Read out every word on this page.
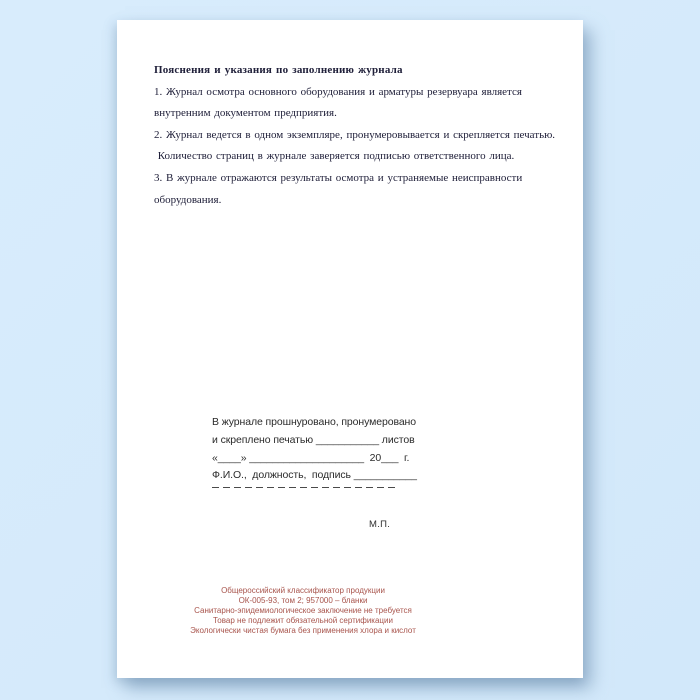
Пояснения и указания по заполнению журнала
1. Журнал осмотра основного оборудования и арматуры резервуара является
внутренним документом предприятия.
2. Журнал ведется в одном экземпляре, пронумеровывается и скрепляется печатью.
Количество страниц в журнале заверяется подписью ответственного лица.
3. В журнале отражаются результаты осмотра и устраняемые неисправности оборудования.
В журнале прошнуровано, пронумеровано
и скреплено печатью ___________ листов
«____» ____________________  20___  г.
Ф.И.О.,  должность,  подпись ___________
М.П.
Общероссийский классификатор продукции
ОК-005-93, том 2; 957000 – бланки
Санитарно-эпидемиологическое заключение не требуется
Товар не подлежит обязательной сертификации
Экологически чистая бумага без применения хлора и кислот
